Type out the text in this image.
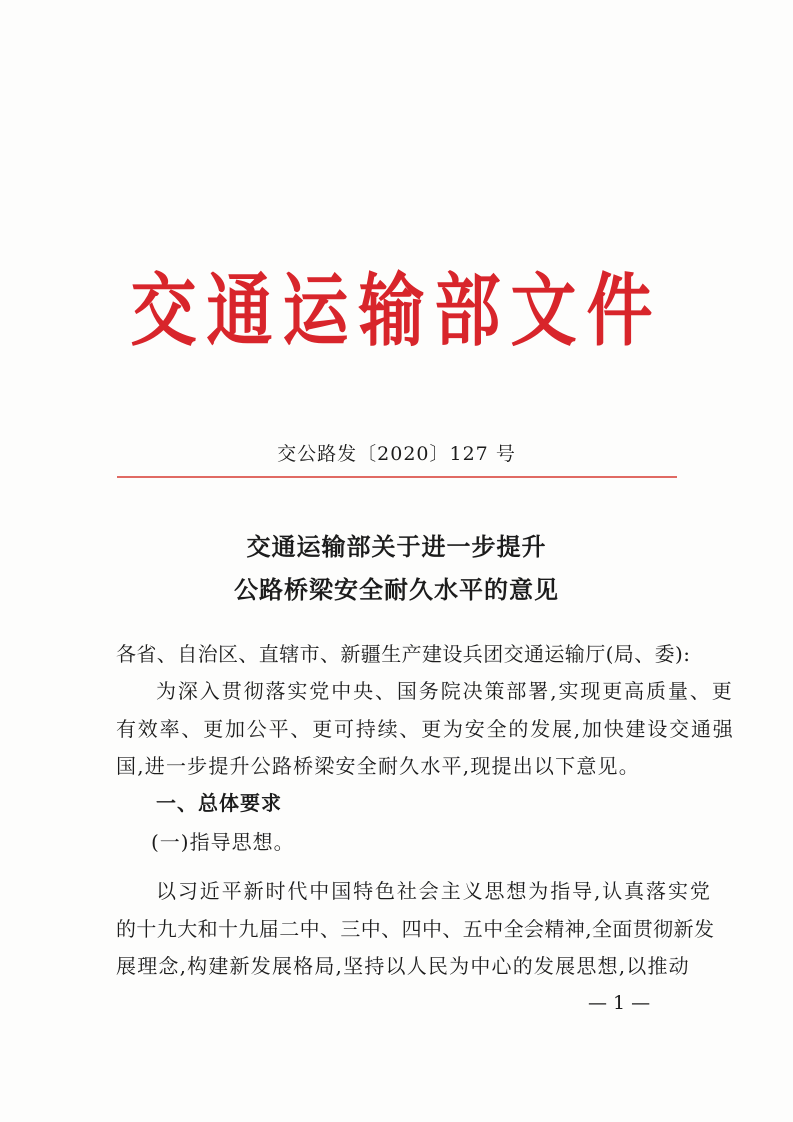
交通运输部文件
交公路发〔2020〕127 号
交通运输部关于进一步提升
公路桥梁安全耐久水平的意见
各省、自治区、直辖市、新疆生产建设兵团交通运输厅(局、委):
为深入贯彻落实党中央、国务院决策部署,实现更高质量、更
有效率、更加公平、更可持续、更为安全的发展,加快建设交通强
国,进一步提升公路桥梁安全耐久水平,现提出以下意见。
一、总体要求
(一)指导思想。
以习近平新时代中国特色社会主义思想为指导,认真落实党
的十九大和十九届二中、三中、四中、五中全会精神,全面贯彻新发
展理念,构建新发展格局,坚持以人民为中心的发展思想,以推动
— 1 —
